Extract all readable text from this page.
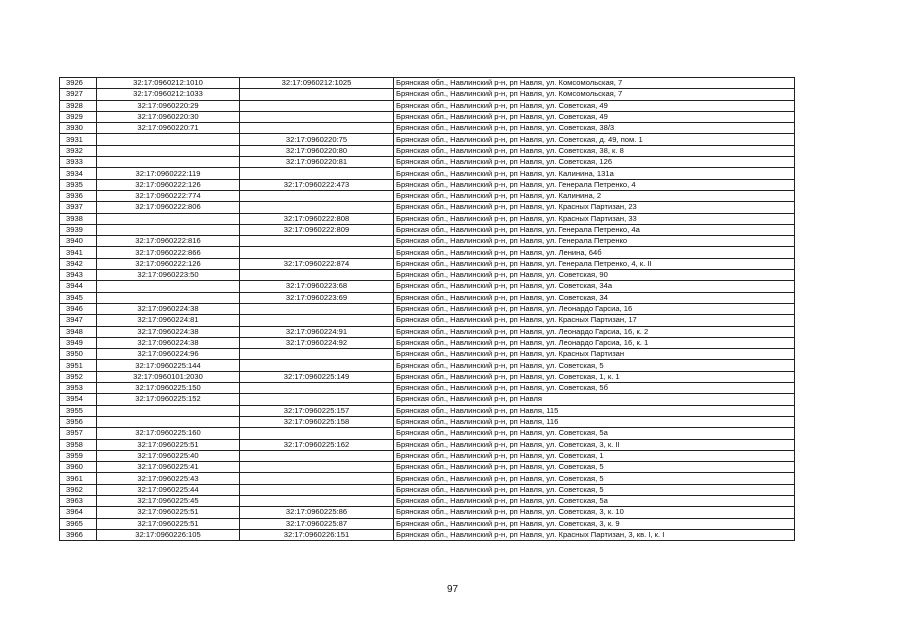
3926	32:17:0960212:1010	32:17:0960212:1025	Брянская обл., Навлинский р-н, рп Навля, ул. Комсомольская, 7
3927	32:17:0960212:1033		Брянская обл., Навлинский р-н, рп Навля, ул. Комсомольская, 7
3928	32:17:0960220:29		Брянская обл., Навлинский р-н, рп Навля, ул. Советская, 49
3929	32:17:0960220:30		Брянская обл., Навлинский р-н, рп Навля, ул. Советская, 49
3930	32:17:0960220:71		Брянская обл., Навлинский р-н, рп Навля, ул. Советская, 38/3
3931		32:17:0960220:75	Брянская обл., Навлинский р-н, рп Навля, ул. Советская, д. 49, пом. 1
3932		32:17:0960220:80	Брянская обл., Навлинский р-н, рп Навля, ул. Советская, 38, к. 8
3933		32:17:0960220:81	Брянская обл., Навлинский р-н, рп Навля, ул. Советская, 126
3934	32:17:0960222:119		Брянская обл., Навлинский р-н, рп Навля, ул. Калинина, 131а
3935	32:17:0960222:126	32:17:0960222:473	Брянская обл., Навлинский р-н, рп Навля, ул. Генерала Петренко, 4
3936	32:17:0960222:774		Брянская обл., Навлинский р-н, рп Навля, ул. Калинина, 2
3937	32:17:0960222:806		Брянская обл., Навлинский р-н, рп Навля, ул. Красных Партизан, 23
3938		32:17:0960222:808	Брянская обл., Навлинский р-н, рп Навля, ул. Красных Партизан, 33
3939		32:17:0960222:809	Брянская обл., Навлинский р-н, рп Навля, ул. Генерала Петренко, 4а
3940	32:17:0960222:816		Брянская обл., Навлинский р-н, рп Навля, ул. Генерала Петренко
3941	32:17:0960222:866		Брянская обл., Навлинский р-н, рп Навля, ул. Ленина, 64б
3942	32:17:0960222:126	32:17:0960222:874	Брянская обл., Навлинский р-н, рп Навля, ул. Генерала Петренко, 4, к. II
3943	32:17:0960223:50		Брянская обл., Навлинский р-н, рп Навля, ул. Советская, 90
3944		32:17:0960223:68	Брянская обл., Навлинский р-н, рп Навля, ул. Советская, 34а
3945		32:17:0960223:69	Брянская обл., Навлинский р-н, рп Навля, ул. Советская, 34
3946	32:17:0960224:38		Брянская обл., Навлинский р-н, рп Навля, ул. Леонардо Гарсиа, 16
3947	32:17:0960224:81		Брянская обл., Навлинский р-н, рп Навля, ул. Красных Партизан, 17
3948	32:17:0960224:38	32:17:0960224:91	Брянская обл., Навлинский р-н, рп Навля, ул. Леонардо Гарсиа, 16, к. 2
3949	32:17:0960224:38	32:17:0960224:92	Брянская обл., Навлинский р-н, рп Навля, ул. Леонардо Гарсиа, 16, к. 1
3950	32:17:0960224:96		Брянская обл., Навлинский р-н, рп Навля, ул. Красных Партизан
3951	32:17:0960225:144		Брянская обл., Навлинский р-н, рп Навля, ул. Советская, 5
3952	32:17:0960101:2030	32:17:0960225:149	Брянская обл., Навлинский р-н, рп Навля, ул. Советская, 1, к. 1
3953	32:17:0960225:150		Брянская обл., Навлинский р-н, рп Навля, ул. Советская, 5б
3954	32:17:0960225:152		Брянская обл., Навлинский р-н, рп Навля
3955		32:17:0960225:157	Брянская обл., Навлинский р-н, рп Навля, 115
3956		32:17:0960225:158	Брянская обл., Навлинский р-н, рп Навля, 116
3957	32:17:0960225:160		Брянская обл., Навлинский р-н, рп Навля, ул. Советская, 5а
3958	32:17:0960225:51	32:17:0960225:162	Брянская обл., Навлинский р-н, рп Навля, ул. Советская, 3, к. II
3959	32:17:0960225:40		Брянская обл., Навлинский р-н, рп Навля, ул. Советская, 1
3960	32:17:0960225:41		Брянская обл., Навлинский р-н, рп Навля, ул. Советская, 5
3961	32:17:0960225:43		Брянская обл., Навлинский р-н, рп Навля, ул. Советская, 5
3962	32:17:0960225:44		Брянская обл., Навлинский р-н, рп Навля, ул. Советская, 5
3963	32:17:0960225:45		Брянская обл., Навлинский р-н, рп Навля, ул. Советская, 5а
3964	32:17:0960225:51	32:17:0960225:86	Брянская обл., Навлинский р-н, рп Навля, ул. Советская, 3, к. 10
3965	32:17:0960225:51	32:17:0960225:87	Брянская обл., Навлинский р-н, рп Навля, ул. Советская, 3, к. 9
3966	32:17:0960226:105	32:17:0960226:151	Брянская обл., Навлинский р-н, рп Навля, ул. Красных Партизан, 3, кв. I, к. I
97
